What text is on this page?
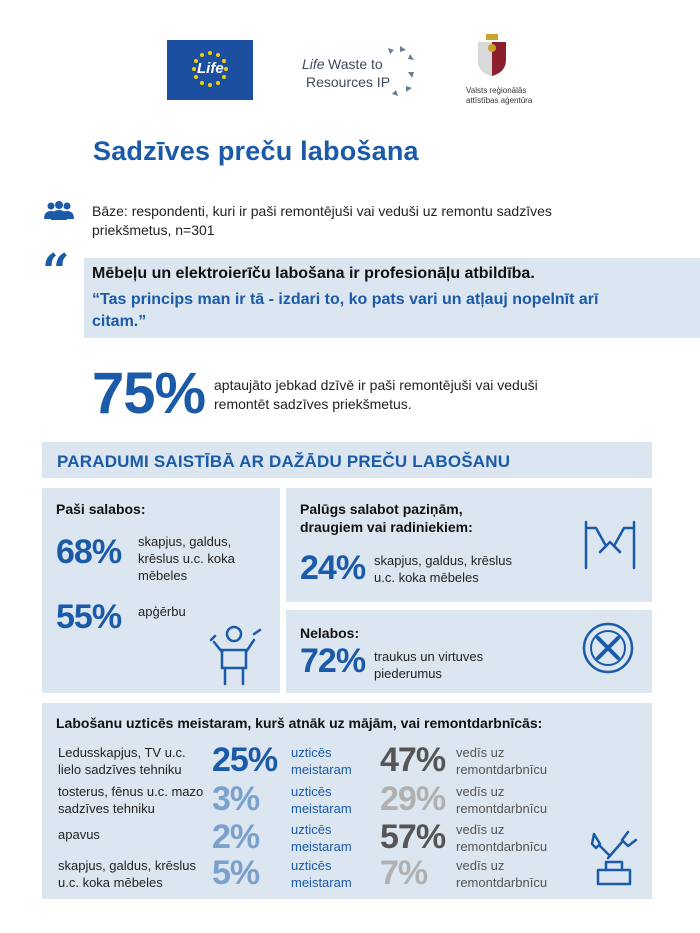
Life	Life Waste to
Resources IP
Valsts reģionālās
attīstības aģentūra
Sadzīves preču labošana
Bāze: respondenti, kuri ir paši remontējuši vai veduši uz remontu sadzīves priekšmetus, n=301
“ Mēbeļu un elektroierīču labošana ir profesionāļu atbildība.
“Tas princips man ir tā - izdari to, ko pats vari un atļauj nopelnīt arī citam.”
75% aptaujāto jebkad dzīvē ir paši remontējuši vai veduši remontēt sadzīves priekšmetus.
PARADUMI SAISTĪBĀ AR DAŽĀDU PREČU LABOŠANU
Paši salabos:
68% skapjus, galdus, krēslus u.c. koka mēbeles
55% apģērbu
Palūgs salabot paziņām, draugiem vai radiniekiem:
24% skapjus, galdus, krēslus u.c. koka mēbeles
Nelabos:
72% traukus un virtuves piederumus
Labošanu uzticēs meistaram, kurš atnāk uz mājām, vai remontdarbnīcās:
Ledusskapjus, TV u.c. lielo sadzīves tehniku 25% uzticēs meistaram 47% vedīs uz remontdarbnīcu
tosterus, fēnus u.c. mazo sadzīves tehniku	3% uzticēs meistaram 29% vedīs uz remontdarbnīcu
apavus	2% uzticēs meistaram 57% vedīs uz remontdarbnīcu
skapjus, galdus, krēslus u.c. koka mēbeles	5% uzticēs meistaram 7% vedīs uz remontdarbnīcu
